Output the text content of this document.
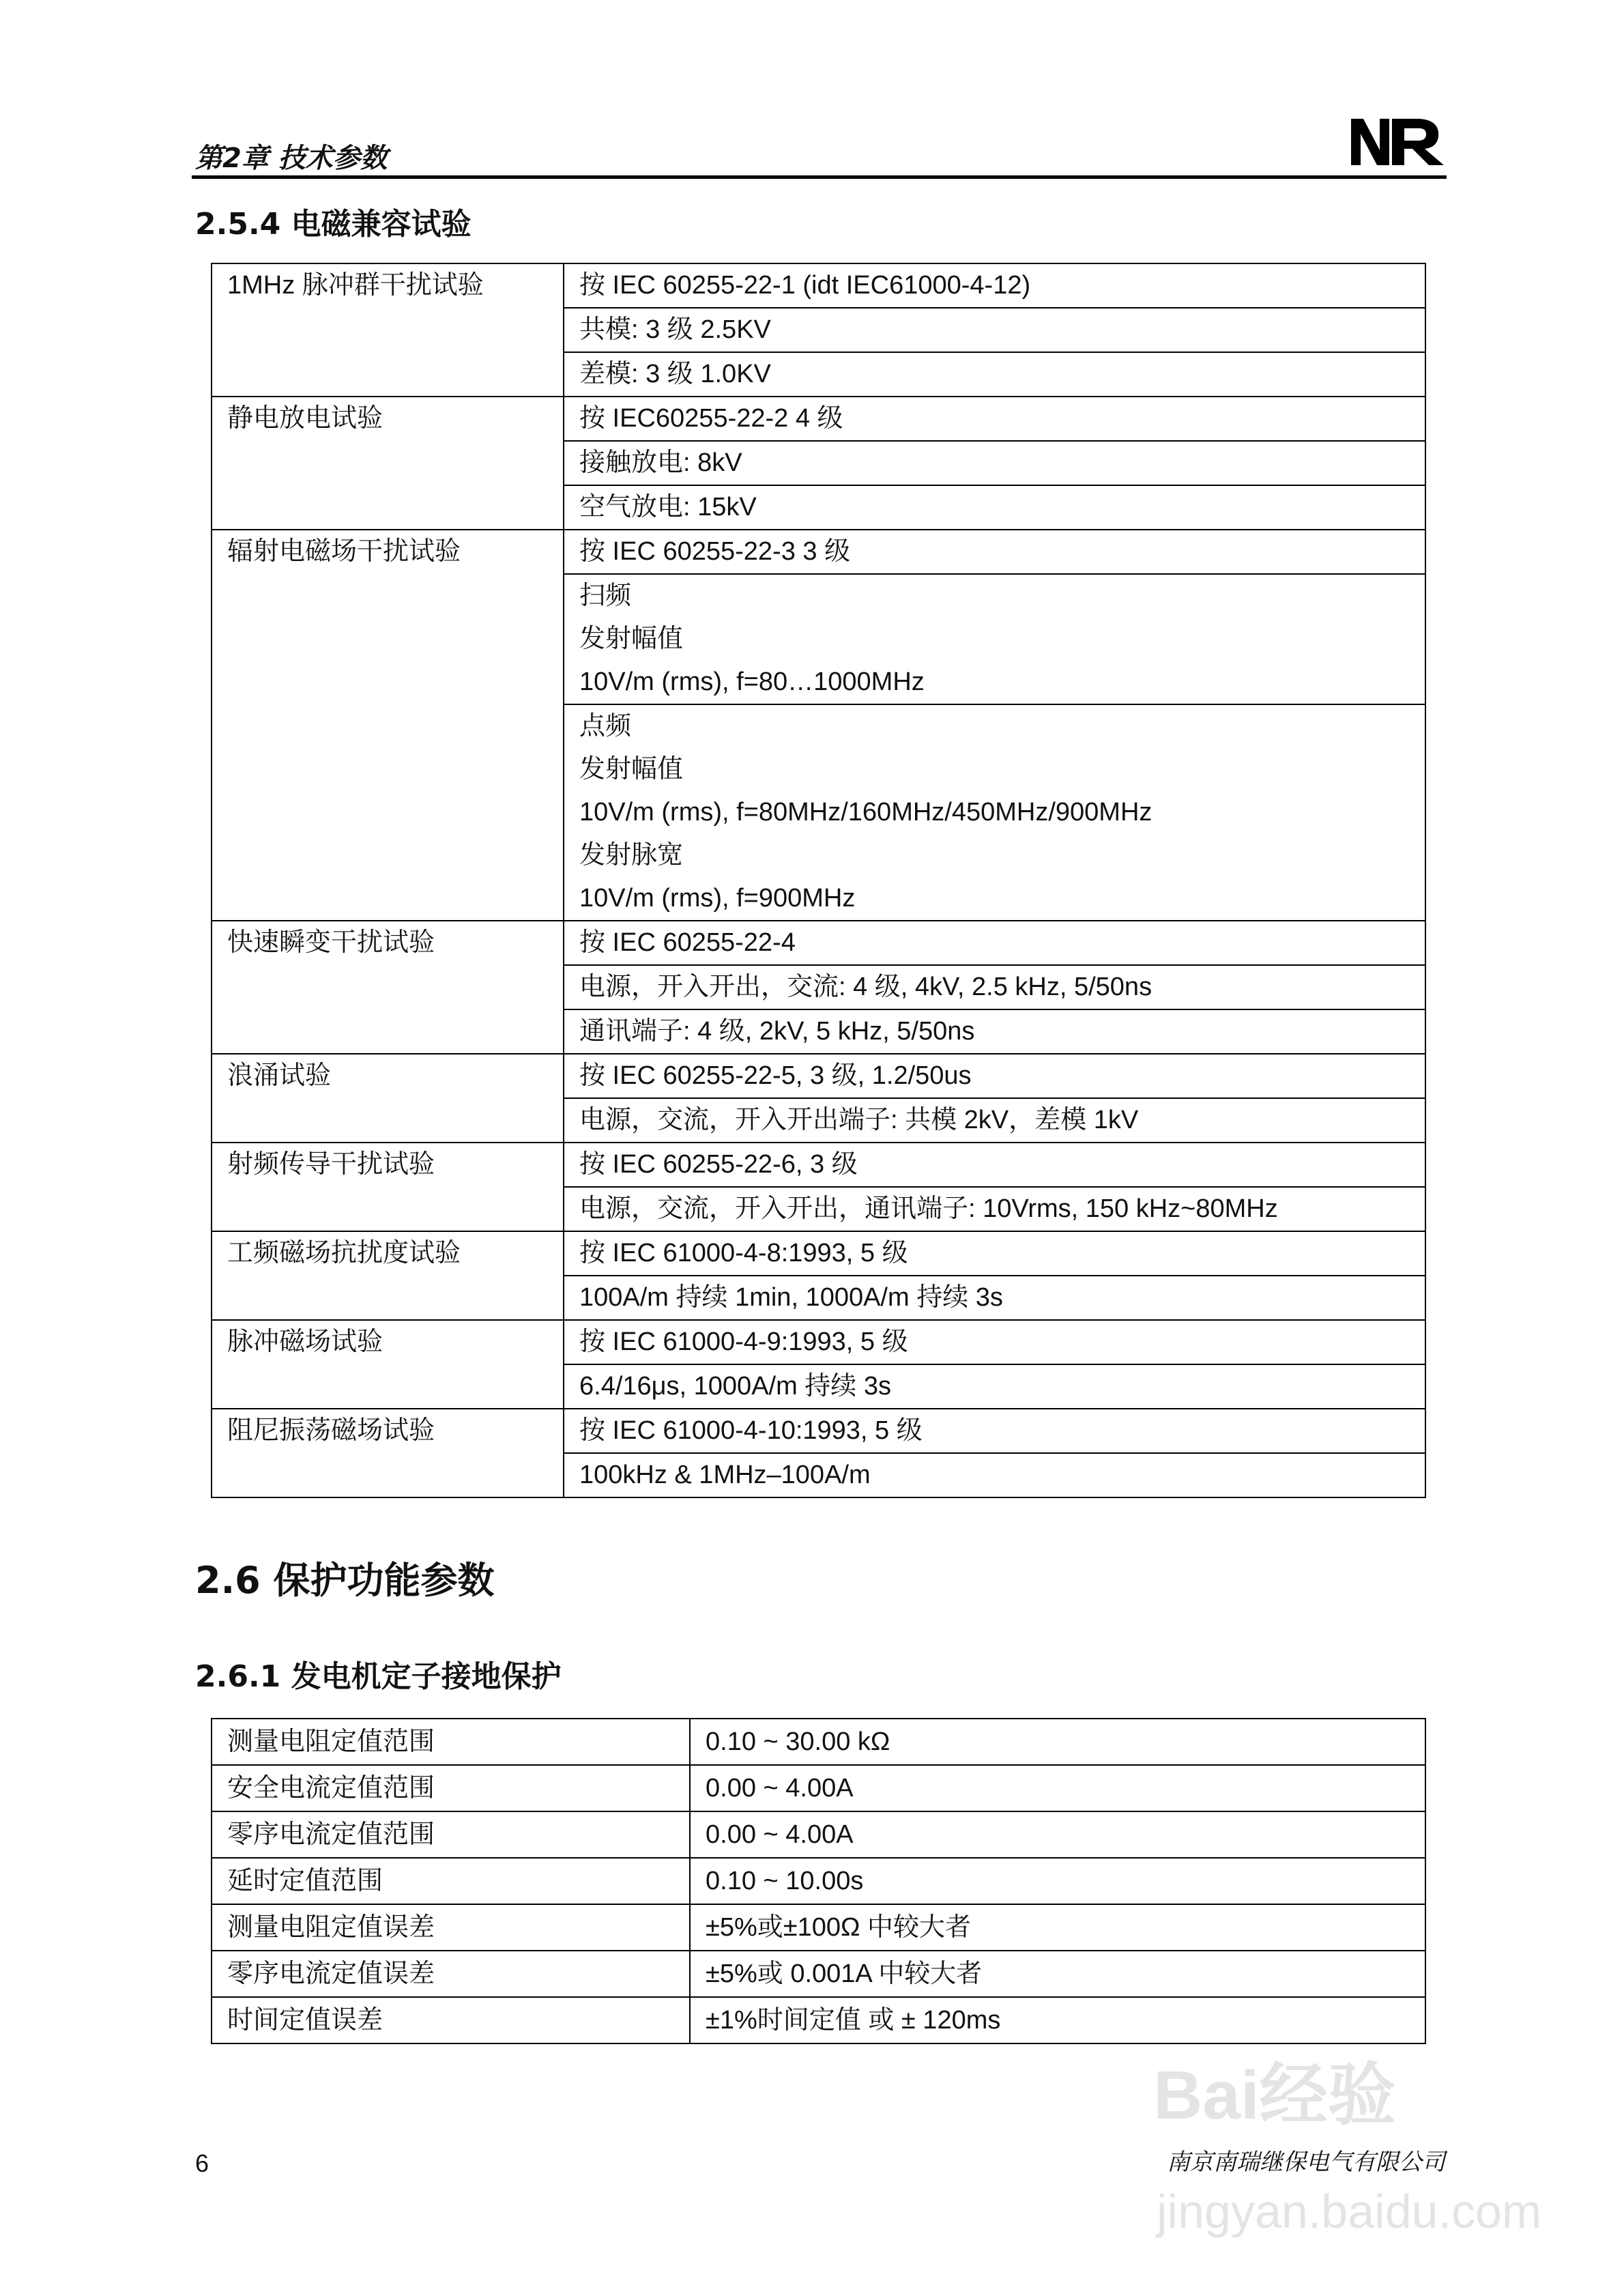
第2章 技术参数
2.5.4 电磁兼容试验
1MHz 脉冲群干扰试验	按 IEC 60255-22-1 (idt IEC61000-4-12)

	共模: 3 级 2.5KV

	差模: 3 级 1.0KV

静电放电试验	按 IEC60255-22-2 4 级

	接触放电: 8kV

	空气放电: 15kV

辐射电磁场干扰试验	按 IEC 60255-22-3 3 级

	扫频
发射幅值
10V/m (rms), f=80…1000MHz

	点频
发射幅值
10V/m (rms), f=80MHz/160MHz/450MHz/900MHz
发射脉宽
10V/m (rms), f=900MHz

快速瞬变干扰试验	按 IEC 60255-22-4

	电源，开入开出，交流: 4 级, 4kV, 2.5 kHz, 5/50ns

	通讯端子: 4 级, 2kV, 5 kHz, 5/50ns

浪涌试验	按 IEC 60255-22-5, 3 级, 1.2/50us

	电源，交流，开入开出端子: 共模 2kV，差模 1kV

射频传导干扰试验	按 IEC 60255-22-6, 3 级

	电源，交流，开入开出，通讯端子: 10Vrms, 150 kHz~80MHz

工频磁场抗扰度试验	按 IEC 61000-4-8:1993, 5 级

	100A/m 持续 1min, 1000A/m 持续 3s

脉冲磁场试验	按 IEC 61000-4-9:1993, 5 级

	6.4/16μs, 1000A/m 持续 3s

阻尼振荡磁场试验	按 IEC 61000-4-10:1993, 5 级

	100kHz & 1MHz–100A/m
2.6 保护功能参数
2.6.1 发电机定子接地保护
测量电阻定值范围	0.10 ~ 30.00 kΩ
安全电流定值范围	0.00 ~ 4.00A
零序电流定值范围	0.00 ~ 4.00A
延时定值范围	0.10 ~ 10.00s
测量电阻定值误差	±5%或±100Ω 中较大者
零序电流定值误差	±5%或 0.001A 中较大者
时间定值误差	±1%时间定值 或 ± 120ms
Bai经验
jingyan.baidu.com
6	南京南瑞继保电气有限公司
